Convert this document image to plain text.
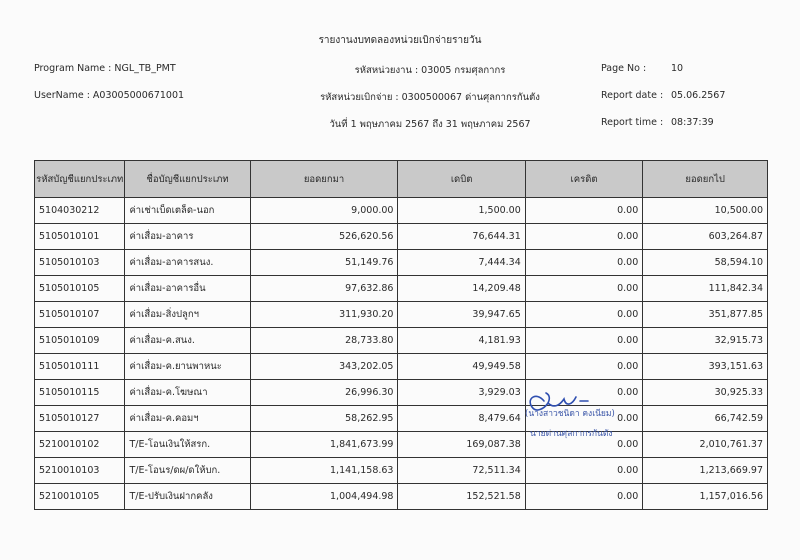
รายงานงบทดลองหน่วยเบิกจ่ายรายวัน
Program Name : NGL_TB_PMT
UserName : A03005000671001
รหัสหน่วยงาน : 03005 กรมศุลกากร
รหัสหน่วยเบิกจ่าย : 0300500067 ด่านศุลกากรกันตัง
วันที่ 1 พฤษภาคม 2567 ถึง 31 พฤษภาคม 2567
Page No :	10
Report date : 05.06.2567
Report time : 08:37:39
รหัสบัญชีแยกประเภท	ชื่อบัญชีแยกประเภท	ยอดยกมา	เดบิต	เครดิต	ยอดยกไป
5104030212	ค่าเช่าเบ็ดเตล็ด-นอก	9,000.00	1,500.00	0.00	10,500.00
5105010101	ค่าเสื่อม-อาคาร	526,620.56	76,644.31	0.00	603,264.87
5105010103	ค่าเสื่อม-อาคารสนง.	51,149.76	7,444.34	0.00	58,594.10
5105010105	ค่าเสื่อม-อาคารอื่น	97,632.86	14,209.48	0.00	111,842.34
5105010107	ค่าเสื่อม-สิ่งปลูกฯ	311,930.20	39,947.65	0.00	351,877.85
5105010109	ค่าเสื่อม-ค.สนง.	28,733.80	4,181.93	0.00	32,915.73
5105010111	ค่าเสื่อม-ค.ยานพาหนะ	343,202.05	49,949.58	0.00	393,151.63
5105010115	ค่าเสื่อม-ค.โฆษณา	26,996.30	3,929.03	0.00	30,925.33
5105010127	ค่าเสื่อม-ค.คอมฯ	58,262.95	8,479.64	0.00	66,742.59
5210010102	T/E-โอนเงินให้สรก.	1,841,673.99	169,087.38	0.00	2,010,761.37
5210010103	T/E-โอนร/ดผ/ดให้บก.	1,141,158.63	72,511.34	0.00	1,213,669.97
5210010105	T/E-ปรับเงินฝากคลัง	1,004,494.98	152,521.58	0.00	1,157,016.56
(นางสาวชนิดา คงเนียม)
นายด่านศุลกากรกันตัง
